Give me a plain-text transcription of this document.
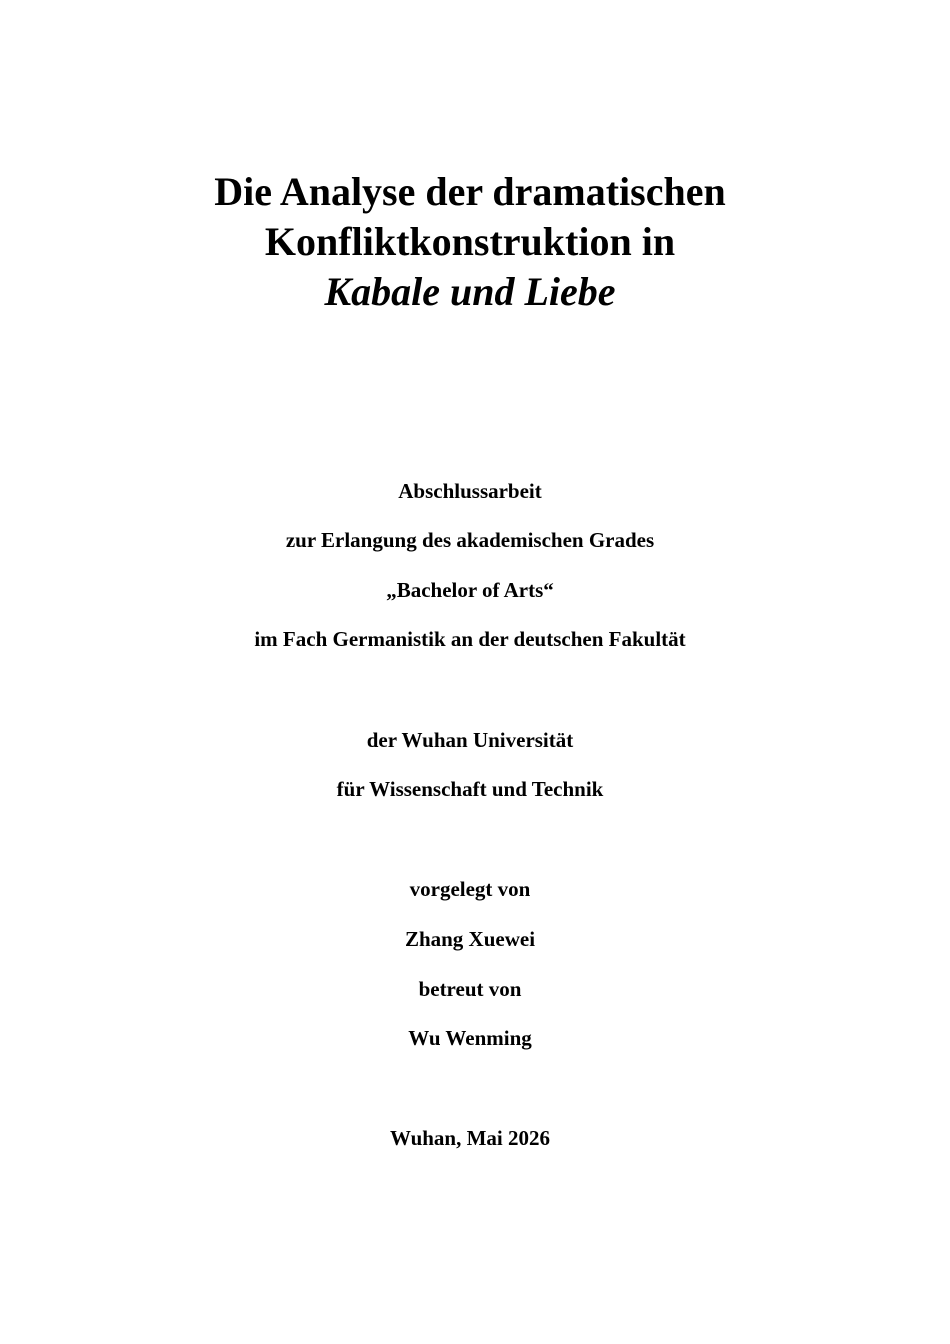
Die Analyse der dramatischen
Konfliktkonstruktion in
Kabale und Liebe
Abschlussarbeit
zur Erlangung des akademischen Grades
„Bachelor of Arts“
im Fach Germanistik an der deutschen Fakultät
der Wuhan Universität
für Wissenschaft und Technik
vorgelegt von
Zhang Xuewei
betreut von
Wu Wenming
Wuhan, Mai 2026
